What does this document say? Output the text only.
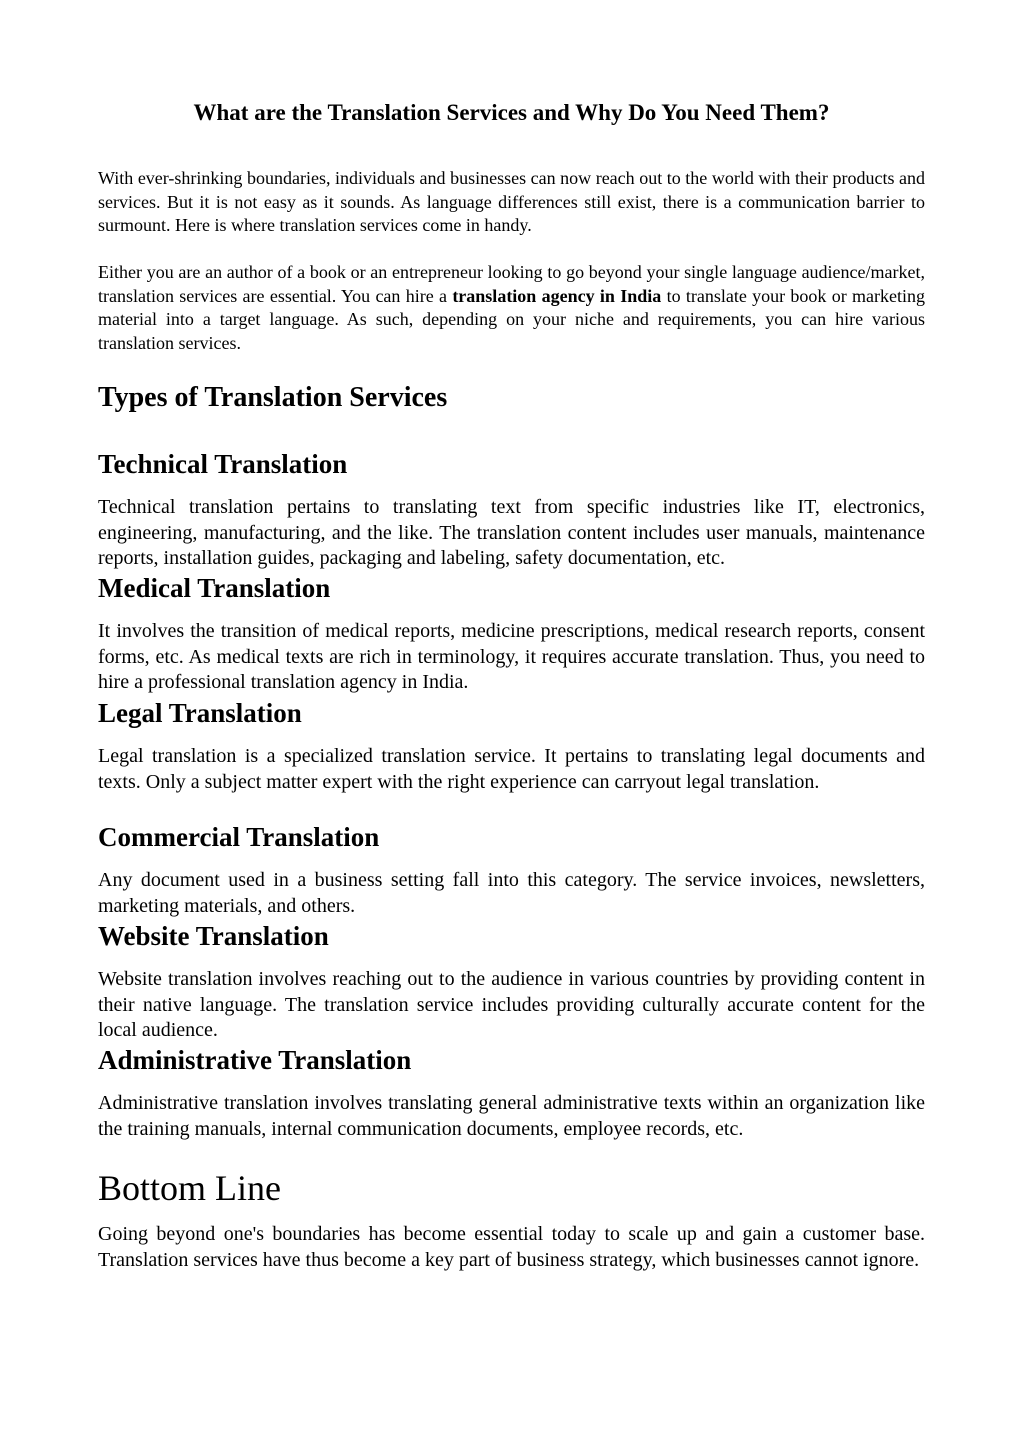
What are the Translation Services and Why Do You Need Them?

With ever-shrinking boundaries, individuals and businesses can now reach out to the world with their products and services. But it is not easy as it sounds. As language differences still exist, there is a communication barrier to surmount. Here is where translation services come in handy.

Either you are an author of a book or an entrepreneur looking to go beyond your single language audience/market, translation services are essential. You can hire a translation agency in India to translate your book or marketing material into a target language. As such, depending on your niche and requirements, you can hire various translation services.

Types of Translation Services
Technical Translation

Technical translation pertains to translating text from specific industries like IT, electronics, engineering, manufacturing, and the like. The translation content includes user manuals, maintenance reports, installation guides, packaging and labeling, safety documentation, etc.

Medical Translation

It involves the transition of medical reports, medicine prescriptions, medical research reports, consent forms, etc. As medical texts are rich in terminology, it requires accurate translation. Thus, you need to hire a professional translation agency in India.

Legal Translation

Legal translation is a specialized translation service. It pertains to translating legal documents and texts. Only a subject matter expert with the right experience can carryout legal translation.

Commercial Translation

Any document used in a business setting fall into this category. The service invoices, newsletters, marketing materials, and others.

Website Translation

Website translation involves reaching out to the audience in various countries by providing content in their native language. The translation service includes providing culturally accurate content for the local audience.

Administrative Translation

Administrative translation involves translating general administrative texts within an organization like the training manuals, internal communication documents, employee records, etc.

Bottom Line

Going beyond one's boundaries has become essential today to scale up and gain a customer base. Translation services have thus become a key part of business strategy, which businesses cannot ignore.
